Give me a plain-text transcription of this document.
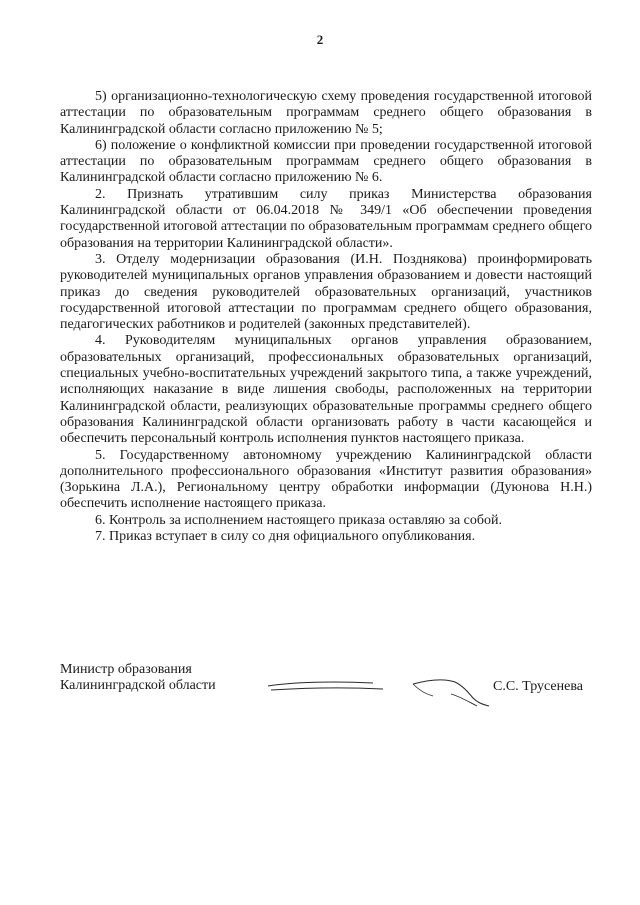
2

5) организационно-технологическую схему проведения государственной итоговой аттестации по образовательным программам среднего общего образования в Калининградской области согласно приложению № 5;

6) положение о конфликтной комиссии при проведении государственной итоговой аттестации по образовательным программам среднего общего образования в Калининградской области согласно приложению № 6.

2. Признать утратившим силу приказ Министерства образования Калининградской области от 06.04.2018 № 349/1 «Об обеспечении проведения государственной итоговой аттестации по образовательным программам среднего общего образования на территории Калининградской области».

3. Отделу модернизации образования (И.Н. Позднякова) проинформировать руководителей муниципальных органов управления образованием и довести настоящий приказ до сведения руководителей образовательных организаций, участников государственной итоговой аттестации по программам среднего общего образования, педагогических работников и родителей (законных представителей).

4. Руководителям муниципальных органов управления образованием, образовательных организаций, профессиональных образовательных организаций, специальных учебно-воспитательных учреждений закрытого типа, а также учреждений, исполняющих наказание в виде лишения свободы, расположенных на территории Калининградской области, реализующих образовательные программы среднего общего образования Калининградской области организовать работу в части касающейся и обеспечить персональный контроль исполнения пунктов настоящего приказа.

5. Государственному автономному учреждению Калининградской области дополнительного профессионального образования «Институт развития образования» (Зорькина Л.А.), Региональному центру обработки информации (Дуюнова Н.Н.) обеспечить исполнение настоящего приказа.

6. Контроль за исполнением настоящего приказа оставляю за собой.

7. Приказ вступает в силу со дня официального опубликования.

Министр образования
Калининградской области	С.С. Трусенева
